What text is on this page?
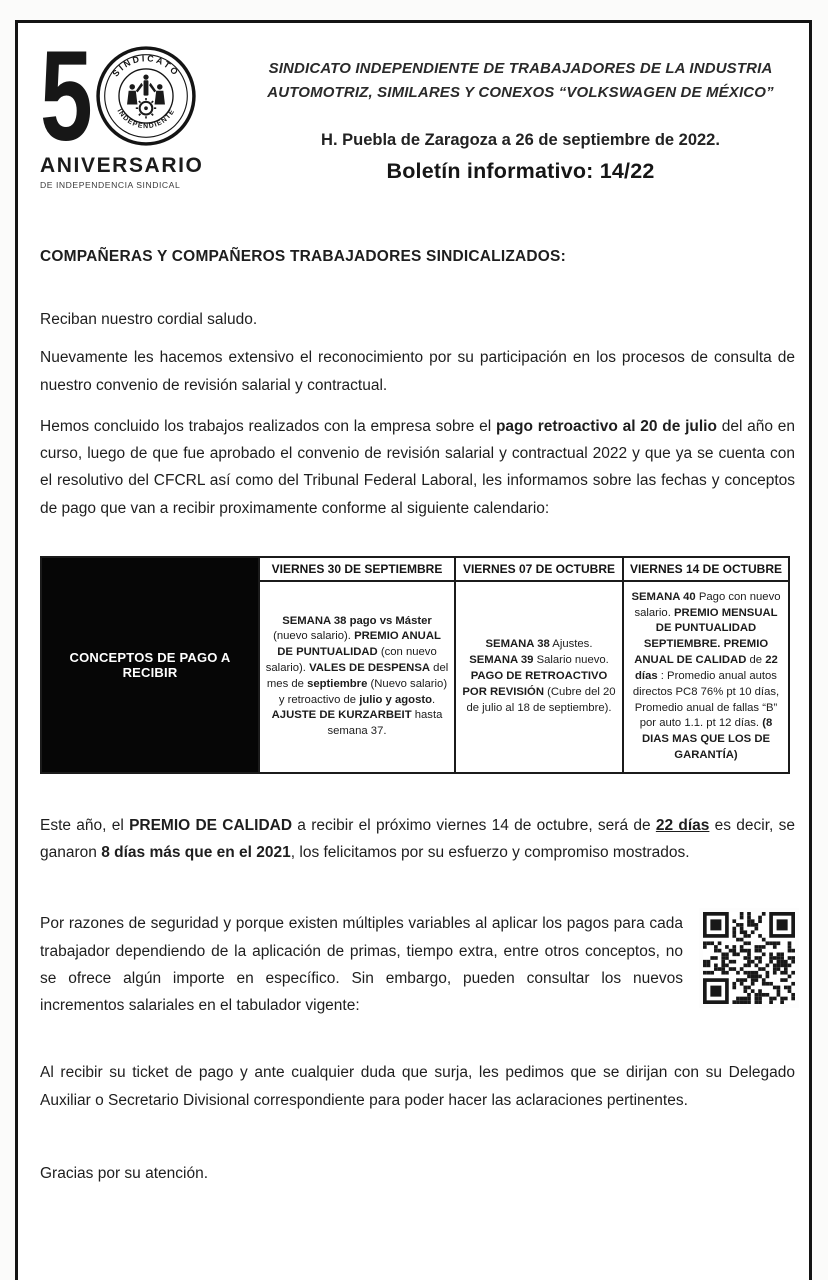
5 SINDICATO
INDEPENDIENTE
ANIVERSARIO
DE INDEPENDENCIA SINDICAL
SINDICATO INDEPENDIENTE DE TRABAJADORES DE LA INDUSTRIA
AUTOMOTRIZ, SIMILARES Y CONEXOS “VOLKSWAGEN DE MÉXICO”
H. Puebla de Zaragoza a 26 de septiembre de 2022.
Boletín informativo: 14/22
COMPAÑERAS Y COMPAÑEROS TRABAJADORES SINDICALIZADOS:

Reciban nuestro cordial saludo.

Nuevamente les hacemos extensivo el reconocimiento por su participación en los procesos de consulta de nuestro convenio de revisión salarial y contractual.

Hemos concluido los trabajos realizados con la empresa sobre el pago retroactivo al 20 de julio del año en curso, luego de que fue aprobado el convenio de revisión salarial y contractual 2022 y que ya se cuenta con el resolutivo del CFCRL así como del Tribunal Federal Laboral, les informamos sobre las fechas y conceptos de pago que van a recibir proximamente conforme al siguiente calendario:

CONCEPTOS DE PAGO A RECIBIR	VIERNES 30 DE SEPTIEMBRE	VIERNES 07 DE OCTUBRE	VIERNES 14 DE OCTUBRE
SEMANA 38 pago vs Máster (nuevo salario). PREMIO ANUAL DE PUNTUALIDAD (con nuevo salario). VALES DE DESPENSA del mes de septiembre (Nuevo salario) y retroactivo de julio y agosto. AJUSTE DE KURZARBEIT hasta semana 37.	SEMANA 38 Ajustes. SEMANA 39 Salario nuevo. PAGO DE RETROACTIVO POR REVISIÓN (Cubre del 20 de julio al 18 de septiembre).	SEMANA 40 Pago con nuevo salario. PREMIO MENSUAL DE PUNTUALIDAD SEPTIEMBRE. PREMIO ANUAL DE CALIDAD de 22 días : Promedio anual autos directos PC8 76% pt 10 días, Promedio anual de fallas “B” por auto 1.1. pt 12 días. (8 DIAS MAS QUE LOS DE GARANTÍA)

Este año, el PREMIO DE CALIDAD a recibir el próximo viernes 14 de octubre, será de 22 días es decir, se ganaron 8 días más que en el 2021, los felicitamos por su esfuerzo y compromiso mostrados.

Por razones de seguridad y porque existen múltiples variables al aplicar los pagos para cada trabajador dependiendo de la aplicación de primas, tiempo extra, entre otros conceptos, no se ofrece algún importe en específico. Sin embargo, pueden consultar los nuevos incrementos salariales en el tabulador vigente:

Al recibir su ticket de pago y ante cualquier duda que surja, les pedimos que se dirijan con su Delegado Auxiliar o Secretario Divisional correspondiente para poder hacer las aclaraciones pertinentes.

Gracias por su atención.
